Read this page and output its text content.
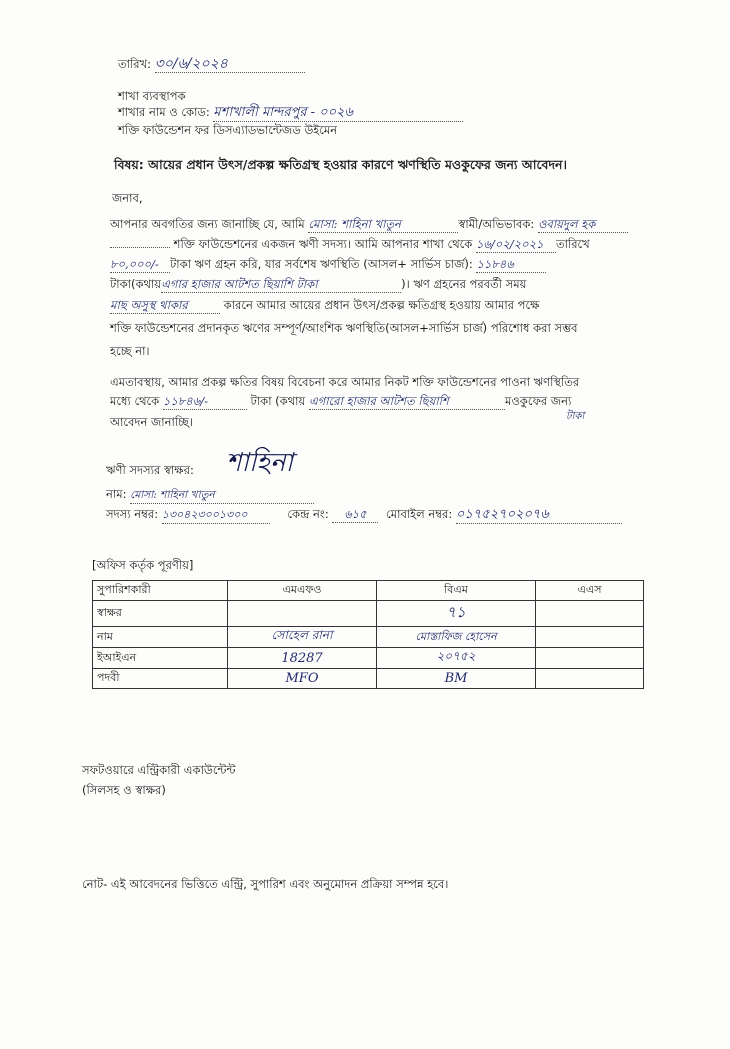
তারিখ: ৩০/৬/২০২৪
শাখা ব্যবস্থাপক
শাখার নাম ও কোড: মশাখালী মান্দরপুর - ০০২৬
শক্তি ফাউন্ডেশন ফর ডিসএ্যাডভান্টেজড উইমেন
বিষয়: আয়ের প্রধান উৎস/প্রকল্প ক্ষতিগ্রস্থ হওয়ার কারণে ঋণস্থিতি মওকুফের জন্য আবেদন।
জনাব,
আপনার অবগতির জন্য জানাচ্ছি যে, আমি মোসা: শাহিনা খাতুন	স্বামী/অভিভাবক: ওবায়দুল হক
শক্তি ফাউন্ডেশনের একজন ঋণী সদস্য। আমি আপনার শাখা থেকে ১৬/০২/২০২১ তারিখে
৮০,০০০/- টাকা ঋণ গ্রহন করি, যার সর্বশেষ ঋণস্থিতি (আসল+ সার্ভিস চার্জ): ১১৮৪৬
টাকা(কথায়এগার হাজার আটশত ছিয়াশি টাকা	)। ঋণ গ্রহনের পরবর্তী সময়
মাছ অসুস্থ থাকার	কারনে আমার আয়ের প্রধান উৎস/প্রকল্প ক্ষতিগ্রস্থ হওয়ায় আমার পক্ষে
শক্তি ফাউন্ডেশনের প্রদানকৃত ঋণের সম্পূর্ণ/আংশিক ঋণস্থিতি(আসল+সার্ভিস চার্জ) পরিশোধ করা সম্ভব
হচ্ছে না।
এমতাবস্থায়, আমার প্রকল্প ক্ষতির বিষয় বিবেচনা করে আমার নিকট শক্তি ফাউন্ডেশনের পাওনা ঋণস্থিতির
মধ্যে থেকে ১১৮৪৬/-	টাকা (কথায় এগারো হাজার আটশত ছিয়াশি	মওকুফের জন্য
টাকা
আবেদন জানাচ্ছি।
ঋণী সদস্যর স্বাক্ষর: শাহিনা
নাম: মোসা: শাহিনা খাতুন
সদস্য নম্বর: ১৩০৪২৩০০১৩০০	কেন্দ্র নং: ৬১৫ মোবাইল নম্বর: ০১৭৫২৭০২০৭৬
[অফিস কর্তৃক পূরণীয়]
সুপারিশকারী	এমএফও	বিএম	এএস
স্বাক্ষর		৭১	
নাম	সোহেল রানা	মোস্তাফিজ হোসেন	
ইআইএন	18287	২০৭৫২	
পদবী	MFO	BM	
সফটওয়ারে এন্ট্রিকারী একাউন্টেন্ট
(সিলসহ ও স্বাক্ষর)
নোট- এই আবেদনের ভিত্তিতে এন্ট্রি, সুপারিশ এবং অনুমোদন প্রক্রিয়া সম্পন্ন হবে।
